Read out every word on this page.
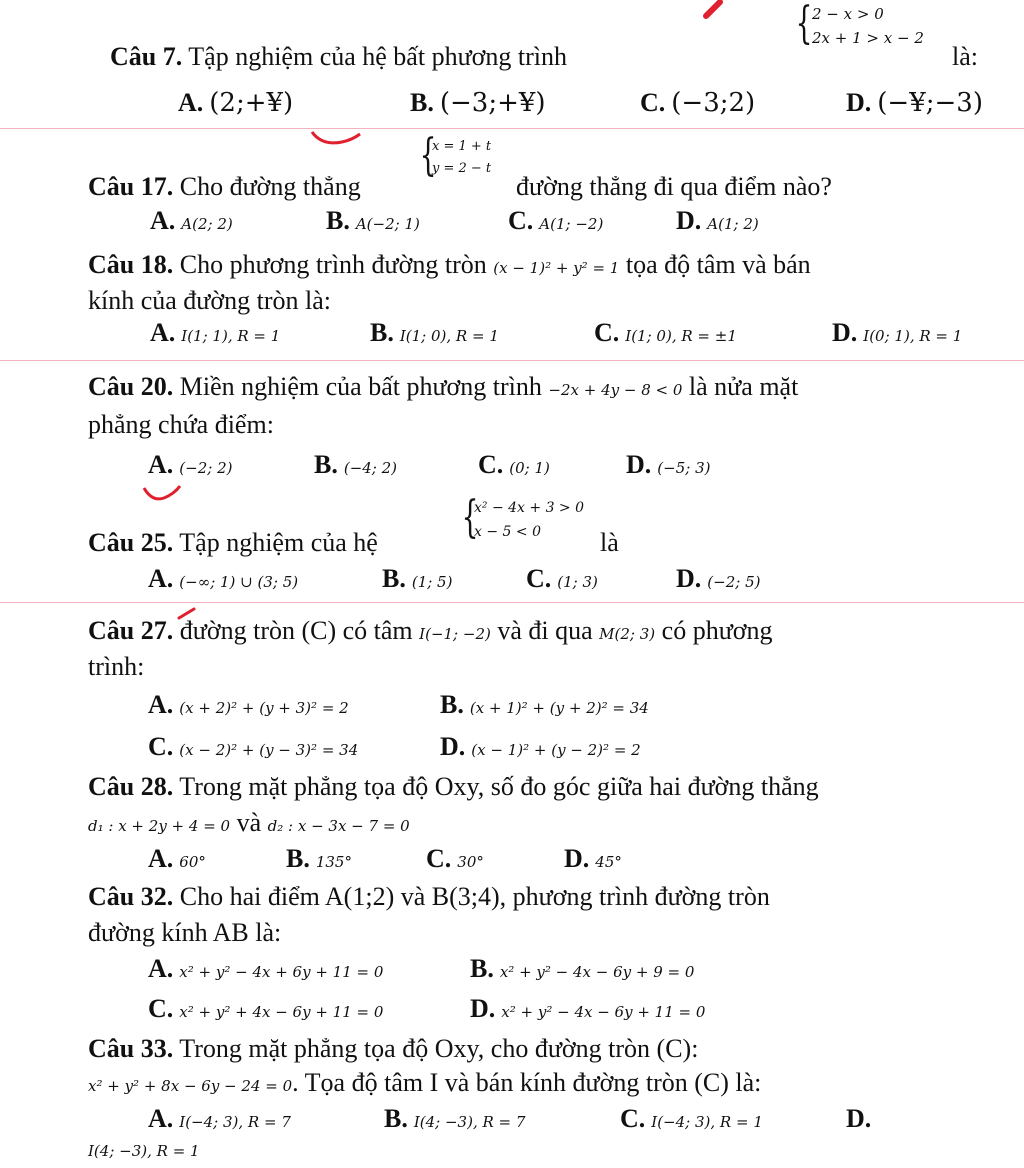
Câu 7. Tập nghiệm của hệ bất phương trình
{ 2 − x > 0
2x + 1 > x − 2
là:
A. (2;+¥)	B. (−3;+¥)	C. (−3;2)	D. (−¥;−3)
Câu 17. Cho đường thẳng
{
x = 1 + t
y = 2 − t
đường thẳng đi qua điểm nào?
A. A(2; 2)	B. A(−2; 1)	C. A(1; −2)	D. A(1; 2)
Câu 18. Cho phương trình đường tròn (x − 1)² + y² = 1 tọa độ tâm và bán
kính của đường tròn là:
A. I(1; 1), R = 1	B. I(1; 0), R = 1	C. I(1; 0), R = ±1	D. I(0; 1), R = 1
Câu 20. Miền nghiệm của bất phương trình −2x + 4y − 8 < 0 là nửa mặt
phẳng chứa điểm:
A. (−2; 2)	B. (−4; 2)	C. (0; 1)	D. (−5; 3)
Câu 25. Tập nghiệm của hệ {
x² − 4x + 3 > 0
x − 5 < 0	là
A. (−∞; 1) ∪ (3; 5)	B. (1; 5)	C. (1; 3)	D. (−2; 5)
Câu 27. đường tròn (C) có tâm I(−1; −2) và đi qua M(2; 3) có phương
trình:
A. (x + 2)² + (y + 3)² = 2	B. (x + 1)² + (y + 2)² = 34
C. (x − 2)² + (y − 3)² = 34	D. (x − 1)² + (y − 2)² = 2
Câu 28. Trong mặt phẳng tọa độ Oxy, số đo góc giữa hai đường thẳng
d₁ : x + 2y + 4 = 0 và d₂ : x − 3x − 7 = 0
A. 60°	B. 135°	C. 30°	D. 45°
Câu 32. Cho hai điểm A(1;2) và B(3;4), phương trình đường tròn
đường kính AB là:
A. x² + y² − 4x + 6y + 11 = 0	B. x² + y² − 4x − 6y + 9 = 0
C. x² + y² + 4x − 6y + 11 = 0	D. x² + y² − 4x − 6y + 11 = 0
Câu 33. Trong mặt phẳng tọa độ Oxy, cho đường tròn (C):
x² + y² + 8x − 6y − 24 = 0. Tọa độ tâm I và bán kính đường tròn (C) là:
A. I(−4; 3), R = 7	B. I(4; −3), R = 7	C. I(−4; 3), R = 1	D.
I(4; −3), R = 1
